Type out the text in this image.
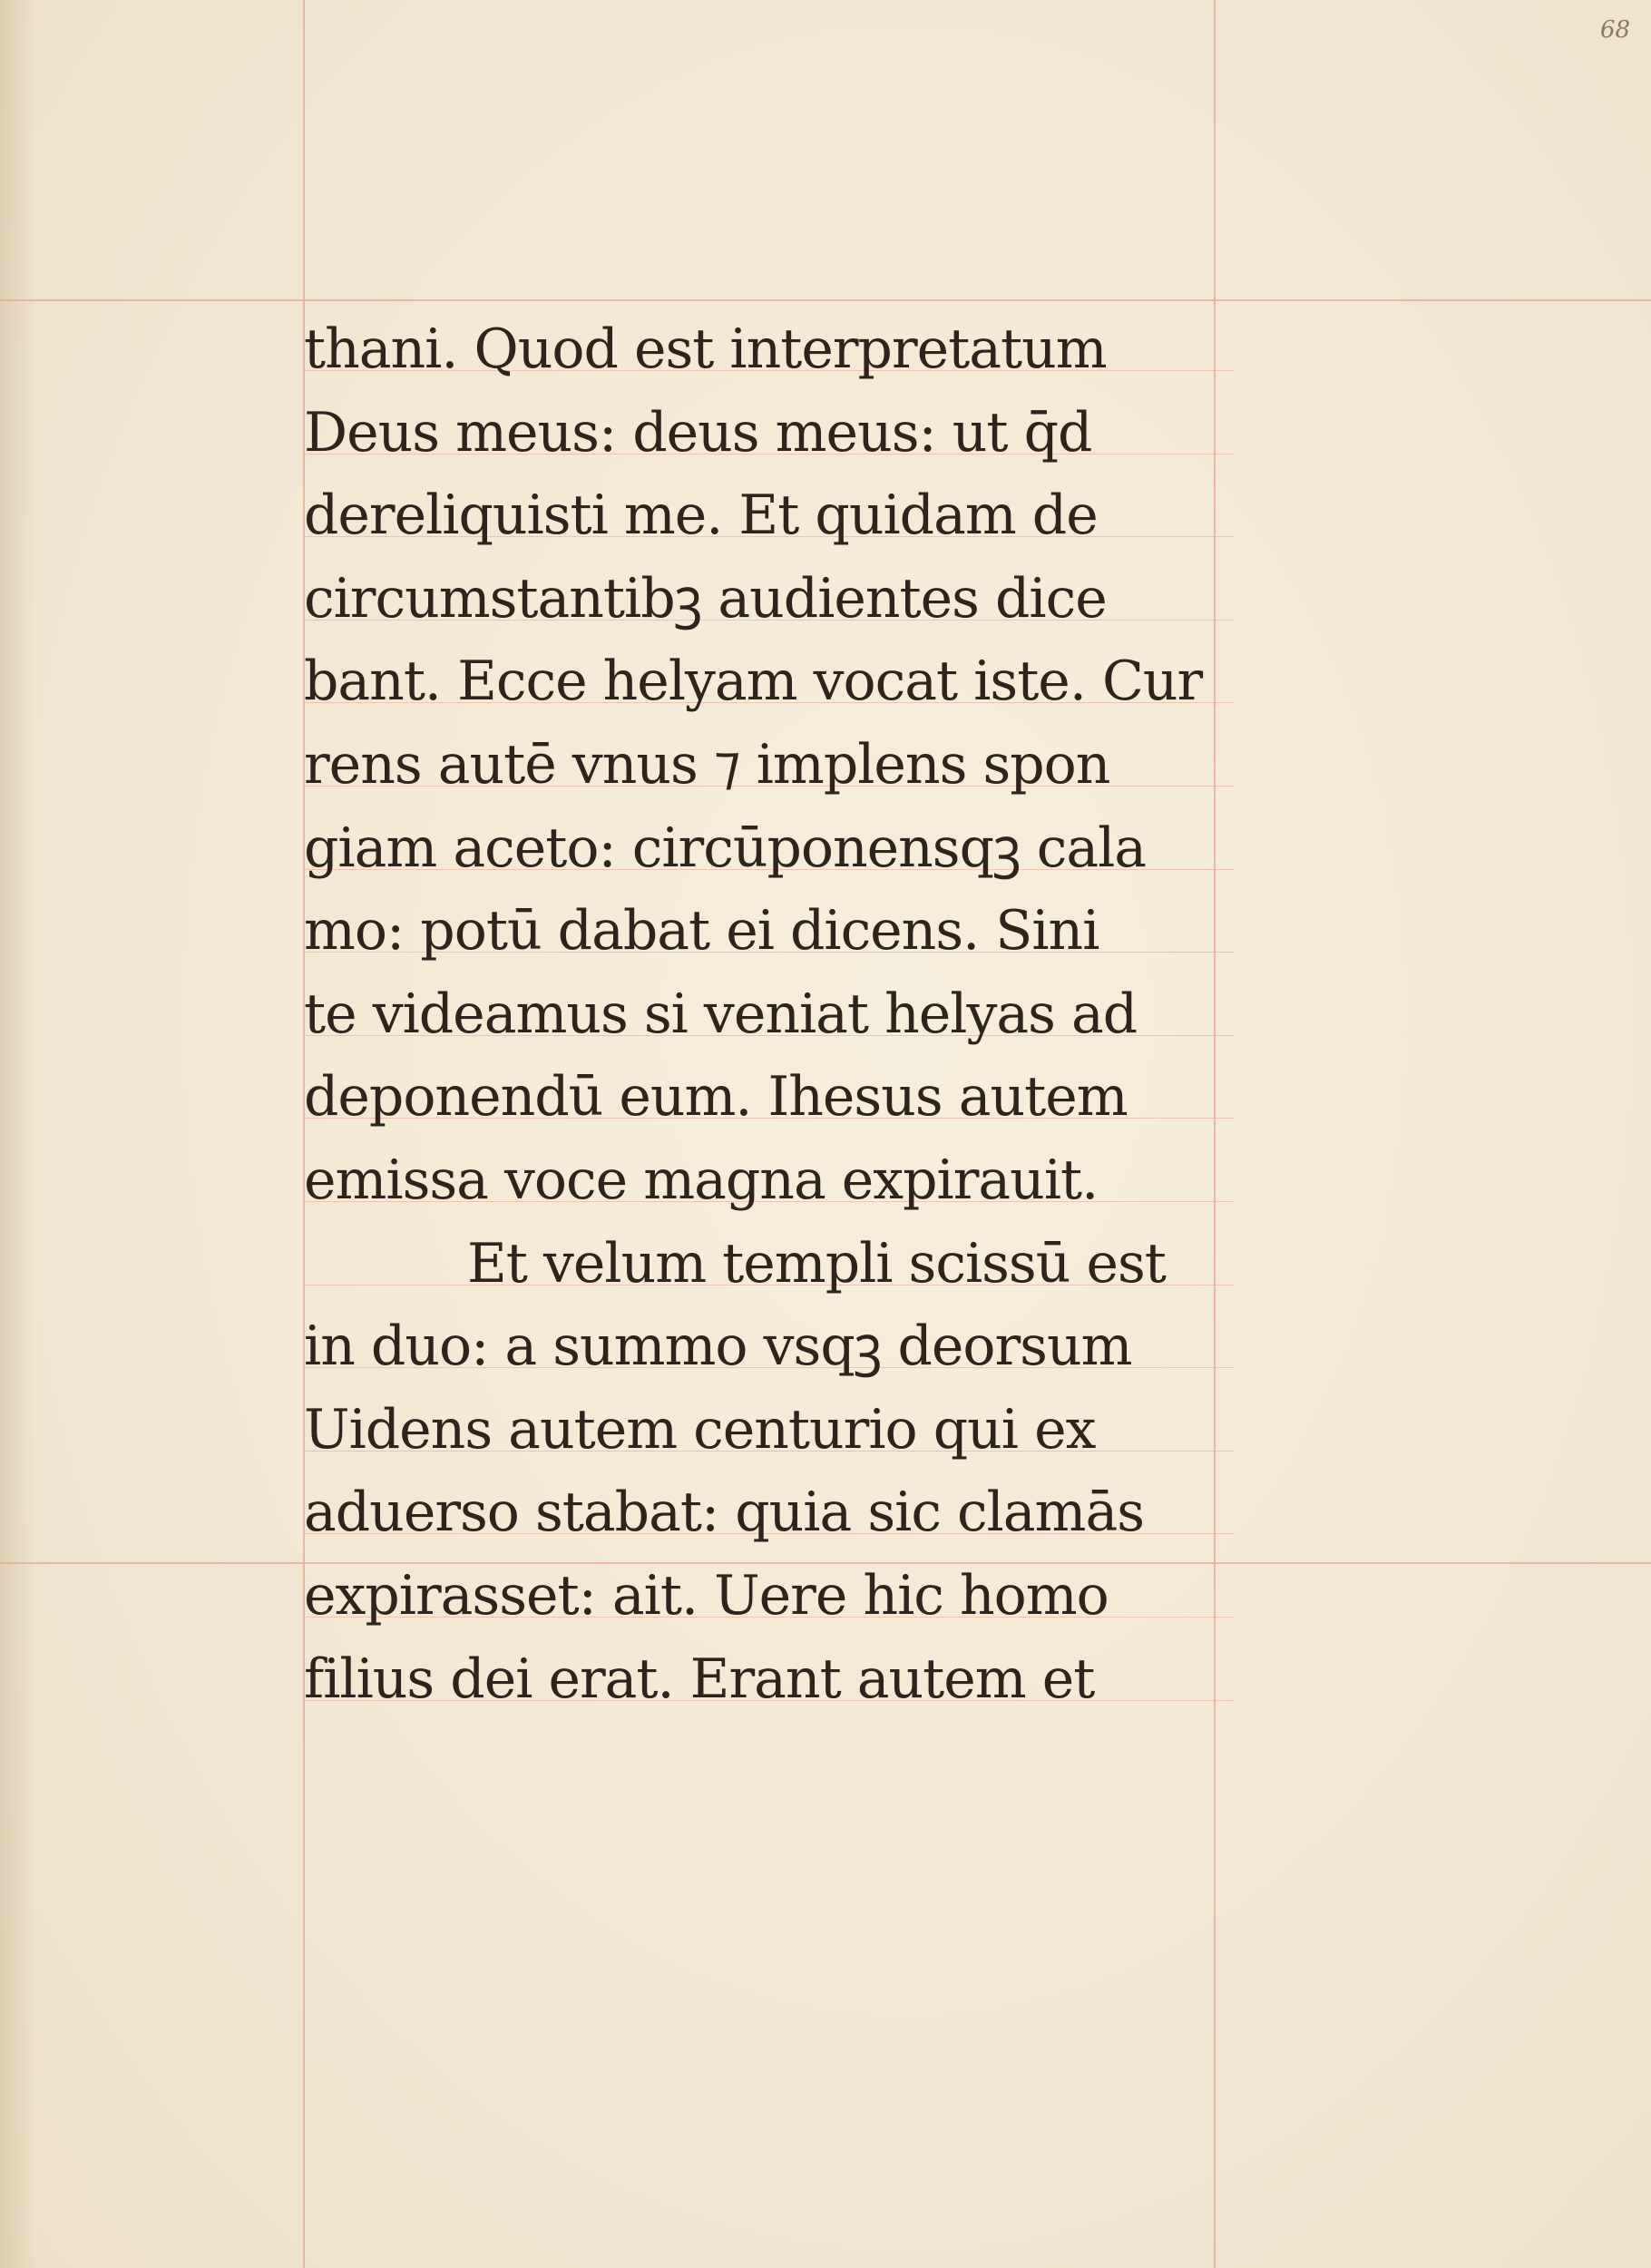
68
thani. Quod est interpretatum
Deus meus: deus meus: ut q̄d
dereliquisti me. Et quidam de
circumstantibꝫ audientes dice
bant. Ecce helyam vocat iste. Cur
rens autē vnus ⁊ implens spon
giam aceto: circūponensqꝫ cala
mo: potū dabat ei dicens. Sini
te videamus si veniat helyas ad
deponendū eum. Ihesus autem
emissa voce magna expirauit.
Et velum templi scissū est
in duo: a summo vsqꝫ deorsum
Uidens autem centurio qui ex
aduerso stabat: quia sic clamās
expirasset: ait. Uere hic homo
filius dei erat. Erant autem et
